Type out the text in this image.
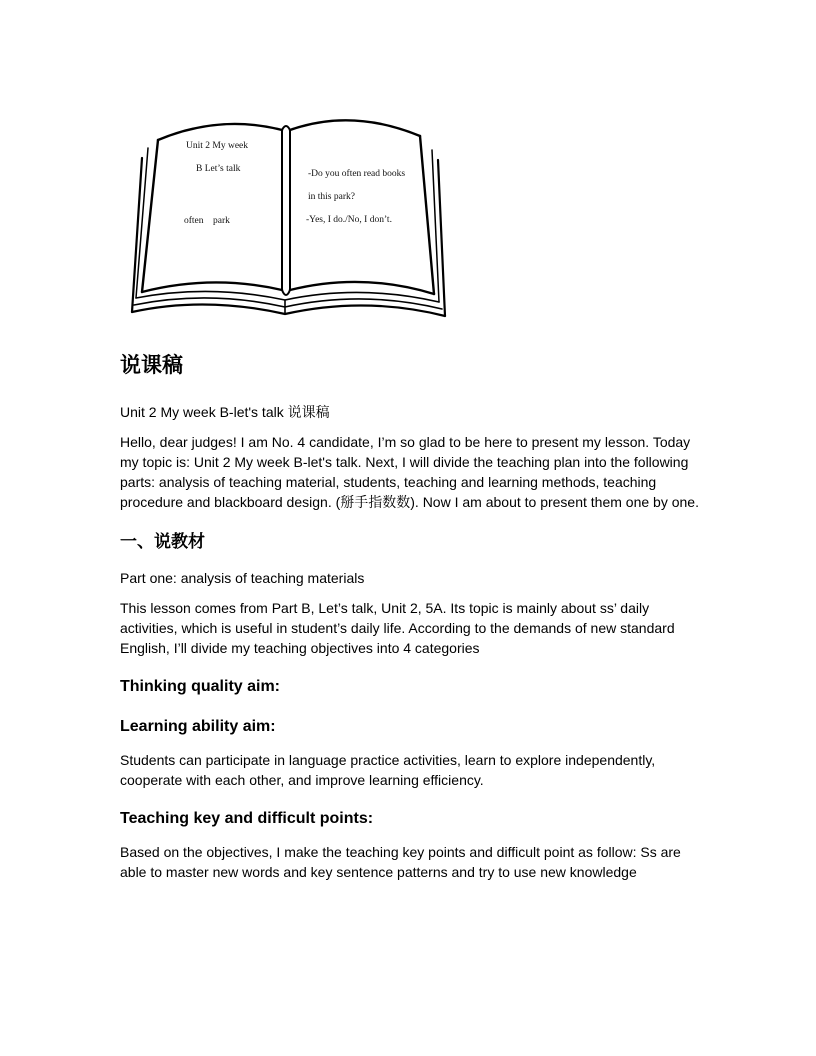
Unit 2 My week
B Let’s talk
often    park
-Do you often read books
in this park?
-Yes, I do./No, I don’t.
说课稿

Unit 2 My week B-let's talk 说课稿

Hello, dear judges! I am No. 4 candidate, I’m so glad to be here to present my lesson. Today my topic is: Unit 2 My week B-let's talk. Next, I will divide the teaching plan into the following parts: analysis of teaching material, students, teaching and learning methods, teaching procedure and blackboard design. (掰手指数数). Now I am about to present them one by one.

一、说教材

Part one: analysis of teaching materials

This lesson comes from Part B, Let’s talk, Unit 2, 5A. Its topic is mainly about ss’ daily activities, which is useful in student’s daily life. According to the demands of new standard English, I’ll divide my teaching objectives into 4 categories

Thinking quality aim:
Learning ability aim:

Students can participate in language practice activities, learn to explore independently, cooperate with each other, and improve learning efficiency.

Teaching key and difficult points:

Based on the objectives, I make the teaching key points and difficult point as follow: Ss are able to master new words and key sentence patterns and try to use new knowledge
